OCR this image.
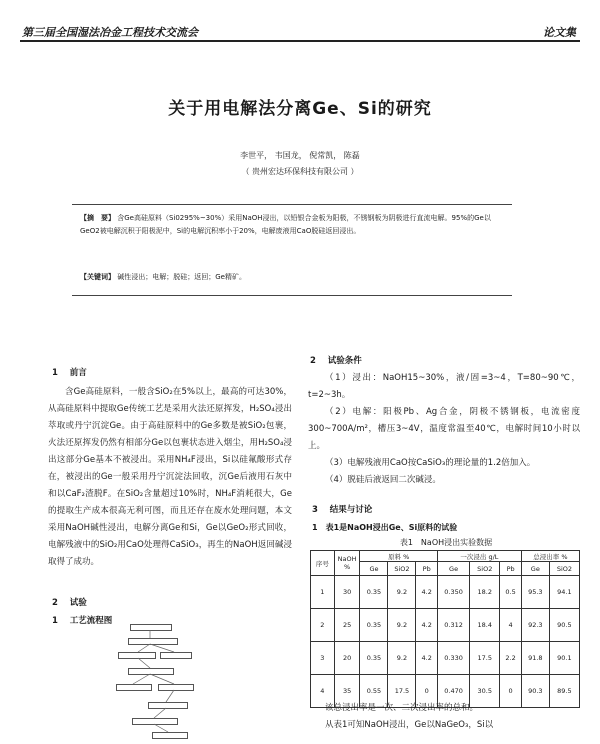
第三届全国湿法冶金工程技术交流会	论文集
关于用电解法分离Ge、Si的研究
李世平， 韦国龙， 倪常凯， 陈磊
（ 贵州宏达环保科技有限公司 ）
【摘　要】 含Ge高硅原料（Si0295%~30%）采用NaOH浸出，以铅银合金板为阳极，不锈钢板为阴极进行直流电解。95%的Ge以GeO2被电解沉积于阳极泥中，Si的电解沉积率小于20%，电解废液用CaO脱硅返回浸出。
【关键词】 碱性浸出；电解；脱硅；返回；Ge精矿。
1 前言

含Ge高硅原料，一般含SiO₂在5%以上，最高的可达30%，从高硅原料中提取Ge传统工艺是采用火法还原挥发，H₂SO₄浸出萃取或丹宁沉淀Ge。由于高硅原料中的Ge多数是被SiO₂包裹，火法还原挥发仍然有相部分Ge以包裹状态进入烟尘，用H₂SO₄浸出这部分Ge基本不被浸出。采用NH₄F浸出，Si以硅氟酸形式存在，被浸出的Ge一般采用丹宁沉淀法回收，沉Ge后液用石灰中和以CaF₂渣脱F。在SiO₂含量超过10%时，NH₄F消耗很大，Ge的提取生产成本很高无利可图，而且还存在废水处理问题，本文采用NaOH碱性浸出，电解分离Ge和Si，Ge以GeO₂形式回收，电解残液中的SiO₂用CaO处理得CaSiO₃，再生的NaOH返回碱浸取得了成功。

2 试验
1 工艺流程图
2 试验条件

（1）浸出：NaOH15~30%，液/固=3~4，T=80~90℃，t=2~3h。

（2）电解：阳极Pb、Ag合金，阴极不锈钢板，电流密度300~700A/m²，槽压3~4V，温度常温至40℃，电解时间10小时以上。

（3）电解残液用CaO按CaSiO₃的理论量的1.2倍加入。

（4）脱硅后液返回二次碱浸。

3 结果与讨论
1　表1是NaOH浸出Ge、Si原料的试验
表1　NaOH浸出实验数据
序号	NaOH %	原料 %			一次浸出 g/L			总浸出率 %	
		Ge	SiO2	Pb	Ge	SiO2	Pb	Ge	SiO2
1	30	0.35	9.2	4.2	0.350	18.2	0.5	95.3	94.1
2	25	0.35	9.2	4.2	0.312	18.4	4	92.3	90.5
3	20	0.35	9.2	4.2	0.330	17.5	2.2	91.8	90.1
4	35	0.55	17.5	0	0.470	30.5	0	90.3	89.5

该总浸出率是一次、二次浸出率的总和。

从表1可知NaOH浸出，Ge以NaGeO₃，Si以
